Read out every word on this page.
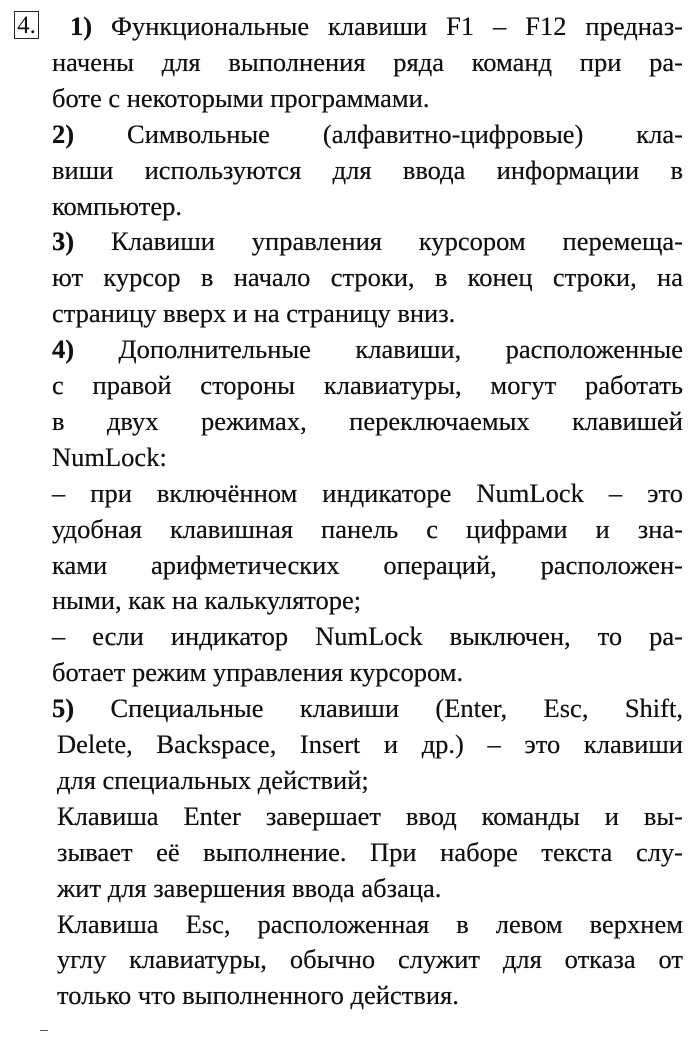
4. 1) Функциональные клавиши F1 – F12 предназ-
начены для выполнения ряда команд при ра-
боте с некоторыми программами.
2) Символьные (алфавитно-цифровые) кла-
виши используются для ввода информации в
компьютер.
3) Клавиши управления курсором перемеща-
ют курсор в начало строки, в конец строки, на
страницу вверх и на страницу вниз.
4) Дополнительные клавиши, расположенные
с правой стороны клавиатуры, могут работать
в двух режимах, переключаемых клавишей
NumLock:
– при включённом индикаторе NumLock – это
удобная клавишная панель с цифрами и зна-
ками арифметических операций, расположен-
ными, как на калькуляторе;
– если индикатор NumLock выключен, то ра-
ботает режим управления курсором.
5) Специальные клавиши (Enter, Esc, Shift,
Delete, Backspace, Insert и др.) – это клавиши
для специальных действий;
Клавиша Enter завершает ввод команды и вы-
зывает её выполнение. При наборе текста слу-
жит для завершения ввода абзаца.
Клавиша Esc, расположенная в левом верхнем
углу клавиатуры, обычно служит для отказа от
только что выполненного действия.
